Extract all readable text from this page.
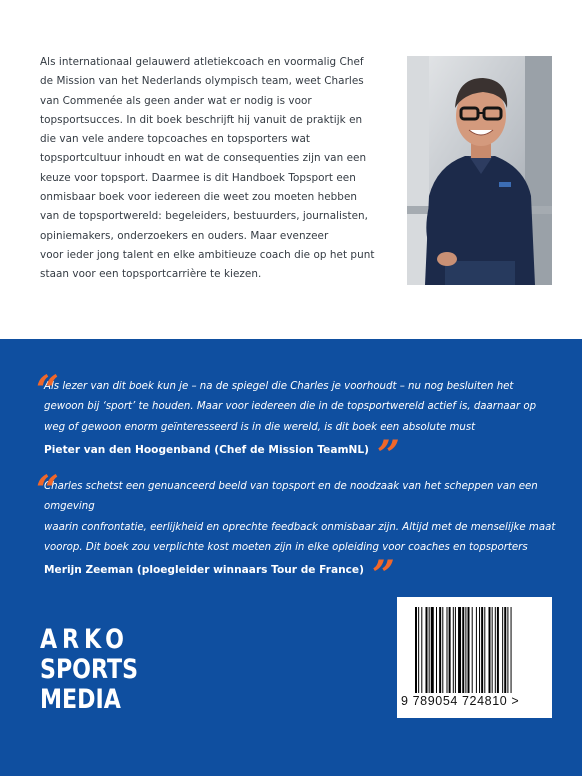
Als internationaal gelauwerd atletiekcoach en voormalig Chef
de Mission van het Nederlands olympisch team, weet Charles
van Commenée als geen ander wat er nodig is voor
topsportsucces. In dit boek beschrijft hij vanuit de praktijk en
die van vele andere topcoaches en topsporters wat
topsportcultuur inhoudt en wat de consequenties zijn van een
keuze voor topsport. Daarmee is dit Handboek Topsport een
onmisbaar boek voor iedereen die weet zou moeten hebben
van de topsportwereld: begeleiders, bestuurders, journalisten,
opiniemakers, onderzoekers en ouders. Maar evenzeer
voor ieder jong talent en elke ambitieuze coach die op het punt
staan voor een topsportcarrière te kiezen.
“
Als lezer van dit boek kun je – na de spiegel die Charles je voorhoudt – nu nog besluiten het
gewoon bij ‘sport’ te houden. Maar voor iedereen die in de topsportwereld actief is, daarnaar op
weg of gewoon enorm geïnteresseerd is in die wereld, is dit boek een absolute must
Pieter van den Hoogenband (Chef de Mission TeamNL) ”
“
Charles schetst een genuanceerd beeld van topsport en de noodzaak van het scheppen van een omgeving
waarin confrontatie, eerlijkheid en oprechte feedback onmisbaar zijn. Altijd met de menselijke maat
voorop. Dit boek zou verplichte kost moeten zijn in elke opleiding voor coaches en topsporters
Merijn Zeeman (ploegleider winnaars Tour de France) ”
ARKO
SPORTS
MEDIA	9 789054 724810 >
